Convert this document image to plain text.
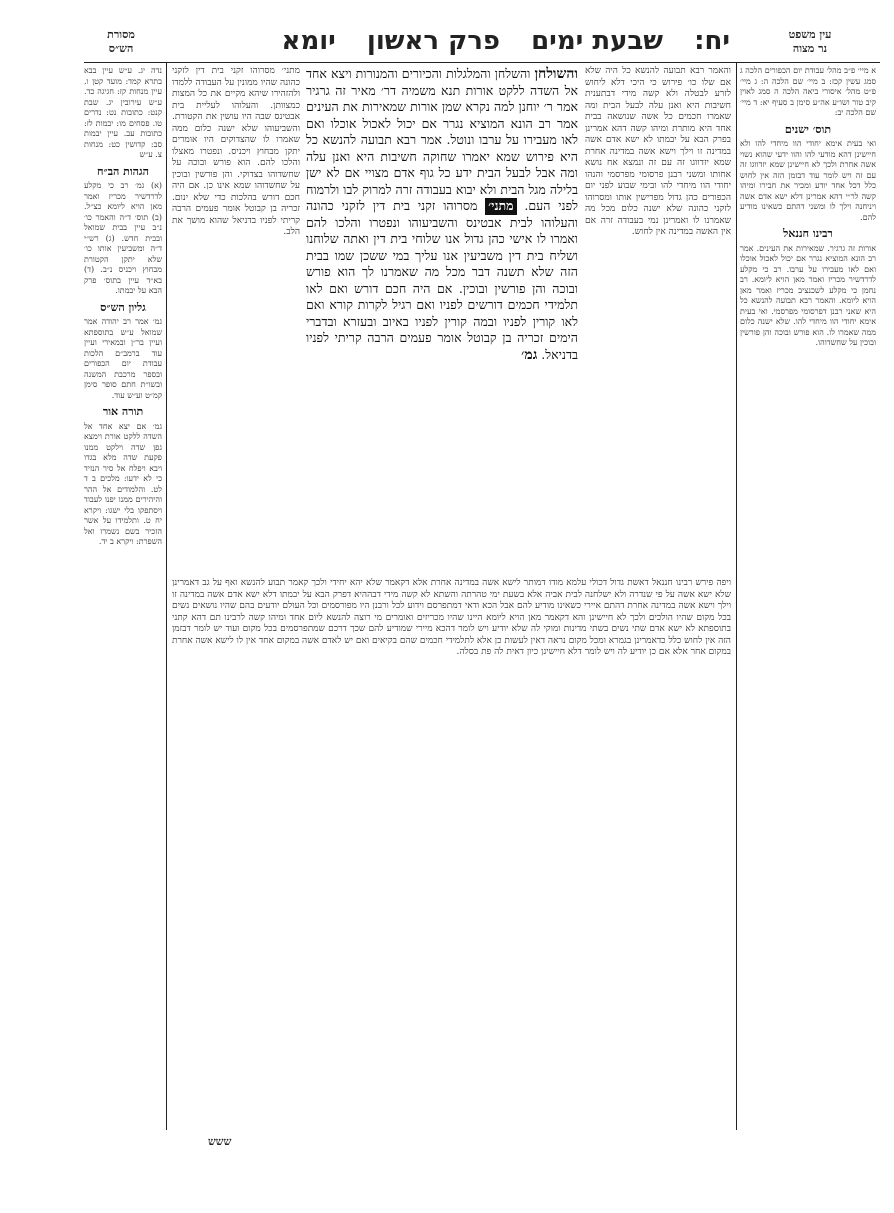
מסורת
הש״ס	יח: שבעת ימים פרק ראשון יומא	עין משפט
נר מצוה
נדה יג. ע״ש עיין בבא בתרא קמד: מועד קטן ו. עיין מנחות קז: חגיגה כד. ע״ש עירובין יג. שבת קנט: כתובות נט: נדרים טו. פסחים מו: יבמות לז: כתובות עב. עיין יבמות סב: קדושין כט: מנחות צ. ע״ש
הגהות הב״ח
(א) גמ׳ רב כי מקלע לדרדשיר מכריז ואמר מאן הויא ליומא כצ״ל. (ב) תוס׳ ד״ה והאמר כו׳ נ״ב עיין בבית שמואל ובבית חדש. (ג) רש״י ד״ה ומשביעין אותו כו׳ שלא יתקן הקטורת מבחוץ ויכניס נ״ב. (ד) בא״ד עיין בתוס׳ פרק הבא על יבמתו.
גליון הש״ס
גמ׳ אמר רב יהודה אמר שמואל ע״ש בתוספתא ועיין בר״ן ובמאירי ועיין עוד ברמב״ם הלכות עבודת יום הכפורים ובספר מרכבת המשנה ובשו״ת חתם סופר סימן קמ״ט וע״ש עוד.
תורה אור
גמ׳ אם יצא אחד אל השדה ללקט אורת וימצא גפן שדה וילקט ממנו פקעת שדה מלא בגדו ויבא ויפלח אל סיר הנזיד כי לא ידעו: מלכים ב ד לט. והלמודים אל ההר והיהירים ממנו יפנו לעבוד ויסתפקו בלי ישגו: ויקרא יח ט. ותלמידו על אשר הזכיר בשם נשמרו ואל השפרת: ויקרא ב יד.
א מיי׳ פ״ב מהל׳ עבודת יום הכפורים הלכה ג סמג עשין קכז: ב מיי׳ שם הלכה ה: ג מיי׳ פ״ט מהל׳ איסורי ביאה הלכה ה סמג לאוין קיב טור ושו״ע אה״ע סימן ב סעיף יא: ד מיי׳ שם הלכה יב:
תוס׳ ישנים
ואי בעית אימא יחודי הוו מיחדי להו ולא חיישינן דהא מודעי להו והוו ידעי שהוא נשוי אשה אחרת ולכך לא חיישינן שמא יזדווגו זה עם זה ויש לומר עוד דבזמן הזה אין לחוש כלל דכל אחד יודע ומכיר את חבירו ומיהו קשה לר״י דהא אמרינן דלא ישא אדם אשה ויניחנה וילך לו ומשני דהתם כשאינו מודיע להם.
רבינו חננאל
אורות זה גרגיר. שמאירות את העינים. אמר רב הונא המוציא נגרר אם יכול לאכול אוכלו ואם לאו מעבירו על ערבו. רב כי מקלע לדרדשיר מכריז ואמר מאן הויא ליומא. רב נחמן כי מקלע לשכנציב מכריז ואמר מאן הויא ליומא. והאמר רבא תבועה להנשא כל היא שאני רבנן דפרסומי מפרסמי. ואי בעית אימא יחודי הוו מיחדי להו. שלא ישנה כלום ממה שאמרו לו. הוא פורש ובוכה והן פורשין ובוכין על שחשדוהו.
מתני׳ מסרוהו זקני בית דין לזקני כהונה שהיו ממונין על העבודה ללמדו ולהזהירו שיהא מקיים את כל המצות כמצוותן. והעלוהו לעליית בית אבטינס שבה היו עושין את הקטורת. והשביעוהו שלא ישנה כלום ממה שאמרו לו שהצדוקים היו אומרים יתקן מבחוץ ויכניס. ונפטרו מאצלו והלכו להם. הוא פורש ובוכה על שחשדוהו בצדוקי. והן פורשין ובוכין על שחשדוהו שמא אינו כן. אם היה חכם דורש בהלכות כדי שלא ינום. זכריה בן קבוטל אומר פעמים הרבה קריתי לפניו בדניאל שהוא מושך את הלב.
והאמר רבא תבועה להנשא כל היה שלא אם שלו כו׳ פירוש כי היכי דלא ליחוש לזרע לבטלה ולא קשה מידי דבתענית חשיבות היא ואנן עלה לבעל הבית ומה שאמרו חכמים כל אשה שנושאה בבית אחד היא מותרת ומיהו קשה דהא אמרינן בפרק הבא על יבמתו לא ישא אדם אשה במדינה זו וילך וישא אשה במדינה אחרת שמא יזדווגו זה עם זה ונמצא אח נושא אחותו ומשני רבנן פרסומי מפרסמי והנהו יחודי הוו מיחדי להו ובימי שבוע לפני יום הכפורים כהן גדול מפרישין אותו ומסרוהו לזקני כהונה שלא ישנה כלום מכל מה שאמרנו לו ואמרינן נמי בעבודה זרה אם אין האשה במדינה אין לחוש.
והשולחן והשלחן והמלגלות והכיורים והמנורות ויצא אחד אל השדה ללקט אורות תנא משמיה דר׳ מאיר זה גרגיר אמר ר׳ יוחנן למה נקרא שמן אורות שמאירות את העינים אמר רב הונא המוציא נגרר אם יכול לאכול אוכלו ואם לאו מעבירו על ערבו ונוטל. אמר רבא תבועה להנשא כל היא פירוש שמא יאמרו שחוקה חשיבות היא ואנן עלה ומה אבל לבעל הבית ידע כל גוף אדם מצויי אם לא ישן בלילה מגל הבית ולא יבוא בעבודה זרה למרוק לבו ולרמוח לפני העם. מתני׳ מסרוהו זקני בית דין לזקני כהונה והעלוהו לבית אבטינס והשביעוהו ונפטרו והלכו להם ואמרו לו אישי כהן גדול אנו שלוחי בית דין ואתה שלוחנו ושליח בית דין משביעין אנו עליך במי ששכן שמו בבית הזה שלא תשנה דבר מכל מה שאמרנו לך הוא פורש ובוכה והן פורשין ובוכין. אם היה חכם דורש ואם לאו תלמידי חכמים דורשים לפניו ואם רגיל לקרות קורא ואם לאו קורין לפניו ובמה קורין לפניו באיוב ובעזרא ובדברי הימים זכריה בן קבוטל אומר פעמים הרבה קריתי לפניו בדניאל. גמ׳
ויפה פירש רבינו חננאל דאשת גדול דכולי עלמא מודו דמותר לישא אשה במדינה אחרת אלא דקאמר שלא יהא יחידי ולכך קאמר תבוע להנשא ואף על גב דאמרינן שלא ישא אשה על פי שנדרה ולא ישלחנה לבית אביה אלא בשעת ימי טהרתה והשתא לא קשה מידי דבההיא דפרק הבא על יבמתו דלא ישא אדם אשה במדינה זו וילך וישא אשה במדינה אחרת דהתם איירי כשאינו מודיע להם אבל הכא ודאי דמתפרסם וידוע לכל ורבנן היו מפורסמים וכל העולם יודעים בהם שהיו נושאים נשים בכל מקום שהיו הולכים ולכך לא חיישינן והא דקאמר מאן הויא ליומא היינו שהיו מכריזים ואומרים מי רוצה להנשא ליום אחד ומיהו קשה לרבינו תם דהא קתני בתוספתא לא ישא אדם שתי נשים בשתי מדינות ומוקי לה שלא יודיע ויש לומר דהכא מיירי שמודיע להם שכך דרכם שמתפרסמים בכל מקום ועוד יש לומר דבזמן הזה אין לחוש כלל כדאמרינן בגמרא ומכל מקום נראה דאין לעשות כן אלא לתלמידי חכמים שהם בקיאים ואם יש לאדם אשה במקום אחד אין לו לישא אשה אחרת במקום אחר אלא אם כן יודיע לה ויש לומר דלא חיישינן כיון דאית לה פת בסלה.
ששש
